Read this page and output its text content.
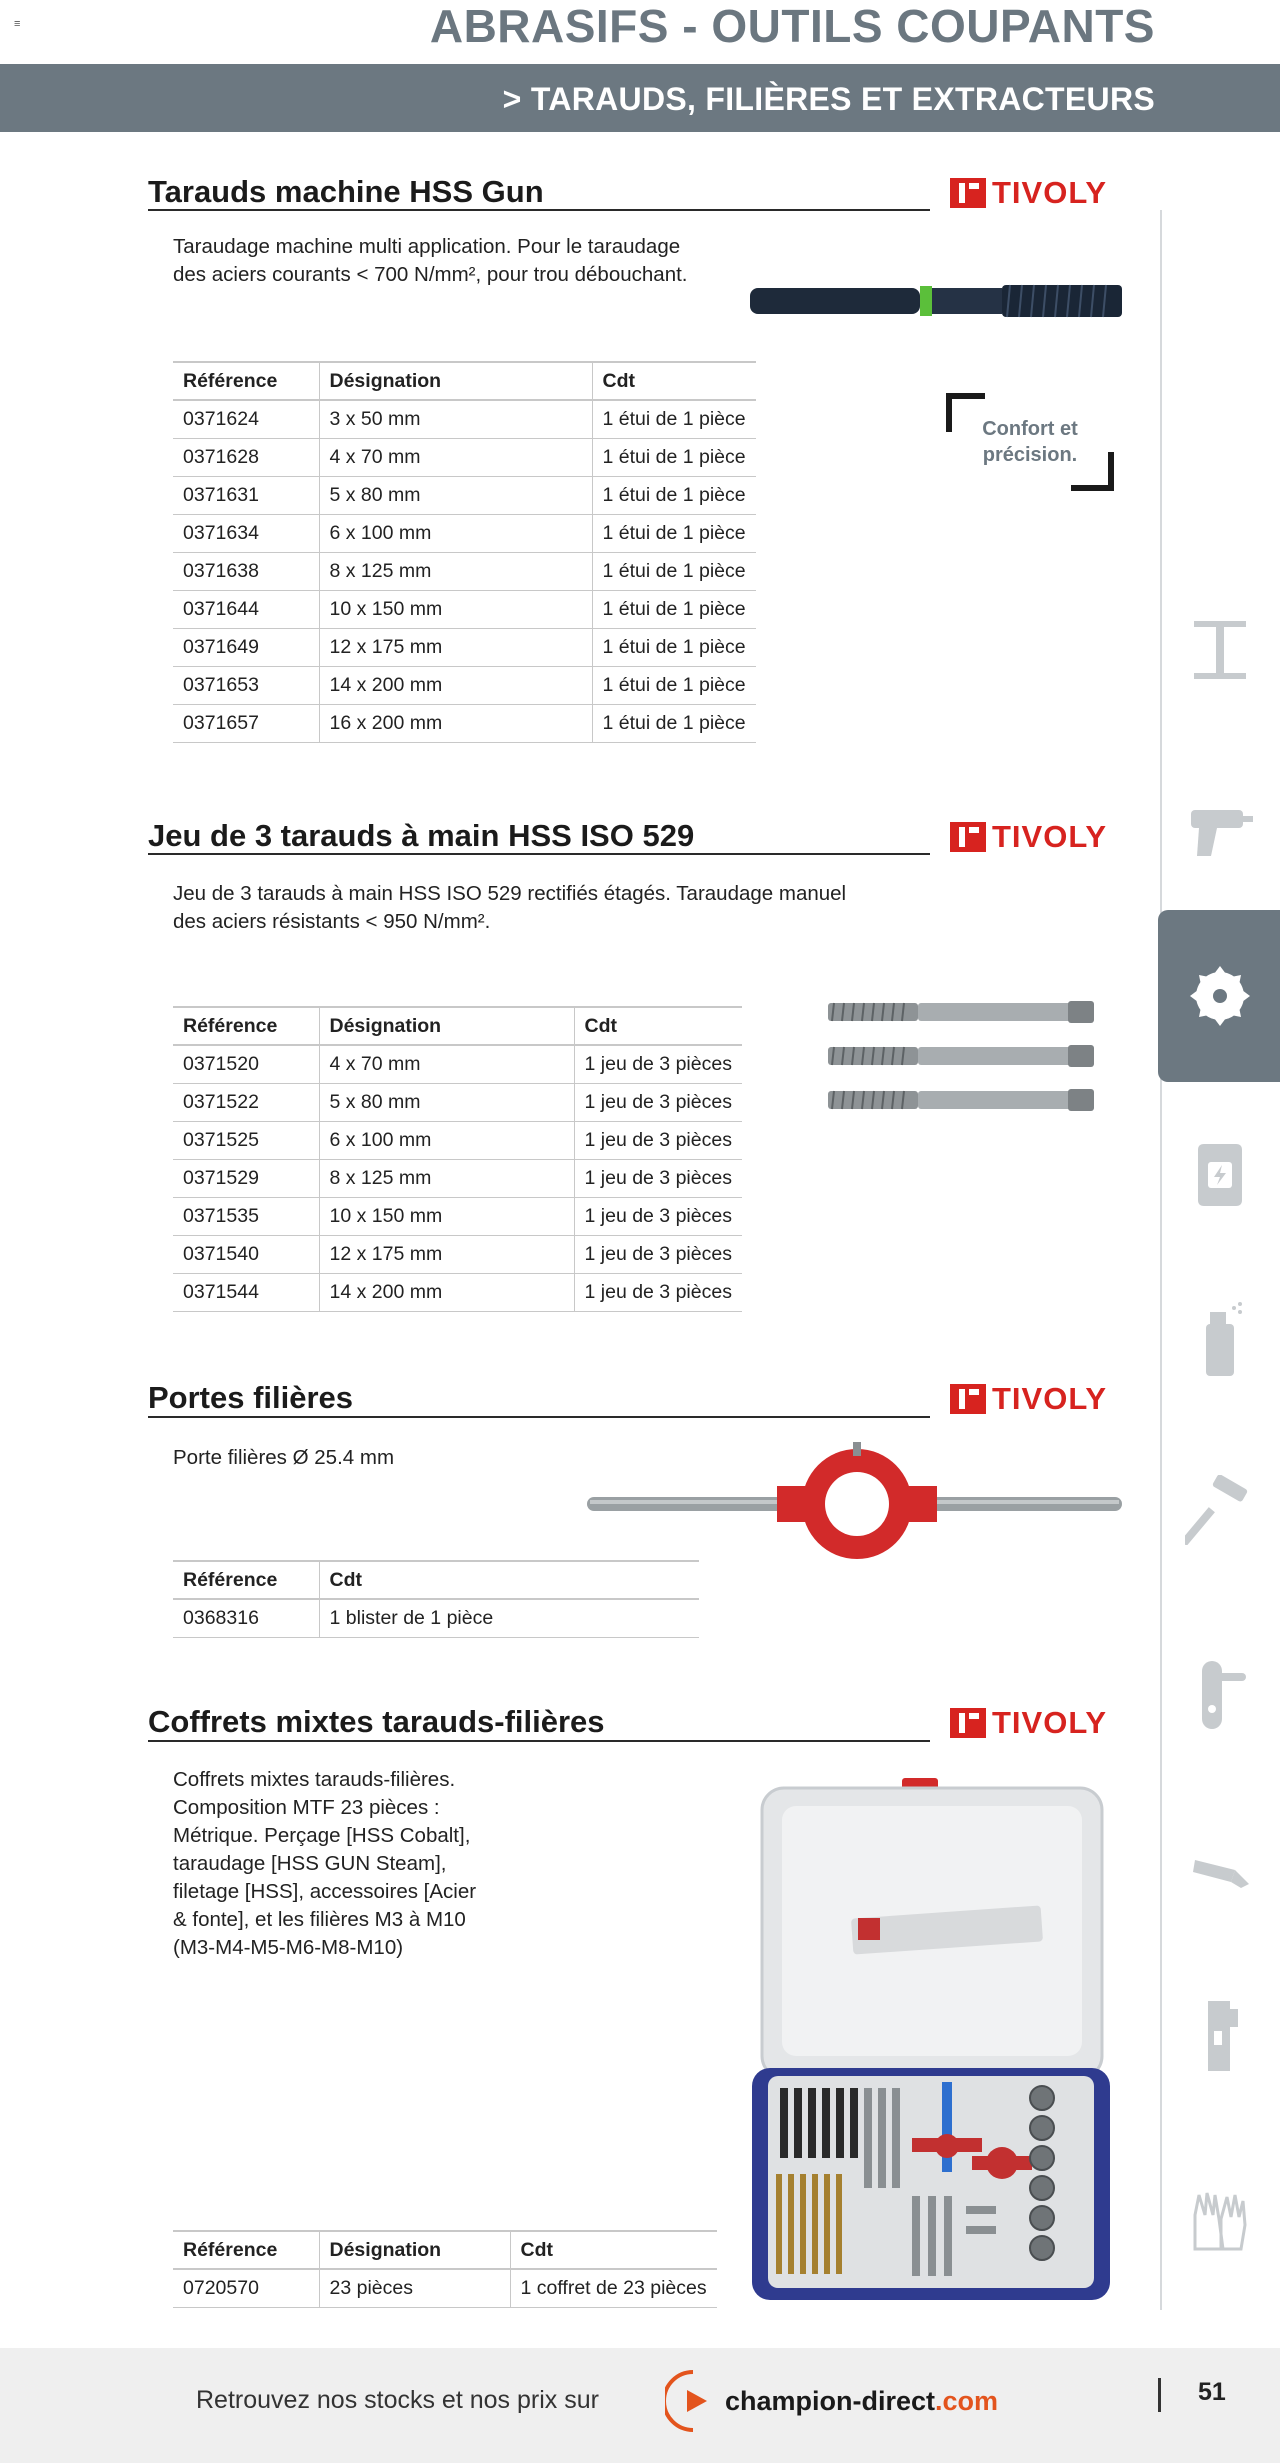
≡	ABRASIFS - OUTILS COUPANTS
> TARAUDS, FILIÈRES ET EXTRACTEURS
Tarauds machine HSS Gun	TIVOLY
Taraudage machine multi application. Pour le taraudage
des aciers courants < 700 N/mm², pour trou débouchant.
Confort et
précision.
Référence	Désignation	Cdt
0371624	3 x 50 mm	1 étui de 1 pièce
0371628	4 x 70 mm	1 étui de 1 pièce
0371631	5 x 80 mm	1 étui de 1 pièce
0371634	6 x 100 mm	1 étui de 1 pièce
0371638	8 x 125 mm	1 étui de 1 pièce
0371644	10 x 150 mm	1 étui de 1 pièce
0371649	12 x 175 mm	1 étui de 1 pièce
0371653	14 x 200 mm	1 étui de 1 pièce
0371657	16 x 200 mm	1 étui de 1 pièce
Jeu de 3 tarauds à main HSS ISO 529	TIVOLY
Jeu de 3 tarauds à main HSS ISO 529 rectifiés étagés. Taraudage manuel
des aciers résistants < 950 N/mm².
Référence	Désignation	Cdt
0371520	4 x 70 mm	1 jeu de 3 pièces
0371522	5 x 80 mm	1 jeu de 3 pièces
0371525	6 x 100 mm	1 jeu de 3 pièces
0371529	8 x 125 mm	1 jeu de 3 pièces
0371535	10 x 150 mm	1 jeu de 3 pièces
0371540	12 x 175 mm	1 jeu de 3 pièces
0371544	14 x 200 mm	1 jeu de 3 pièces
Portes filières	TIVOLY
Porte filières Ø 25.4 mm
Référence	Cdt
0368316	1 blister de 1 pièce
Coffrets mixtes tarauds-filières	TIVOLY
Coffrets mixtes tarauds-filières.
Composition MTF 23 pièces :
Métrique. Perçage [HSS Cobalt],
taraudage [HSS GUN Steam],
filetage [HSS], accessoires [Acier
& fonte], et les filières M3 à M10
(M3-M4-M5-M6-M8-M10)
Référence	Désignation	Cdt
0720570	23 pièces	1 coffret de 23 pièces
Retrouvez nos stocks et nos prix sur	champion-direct.com	51
